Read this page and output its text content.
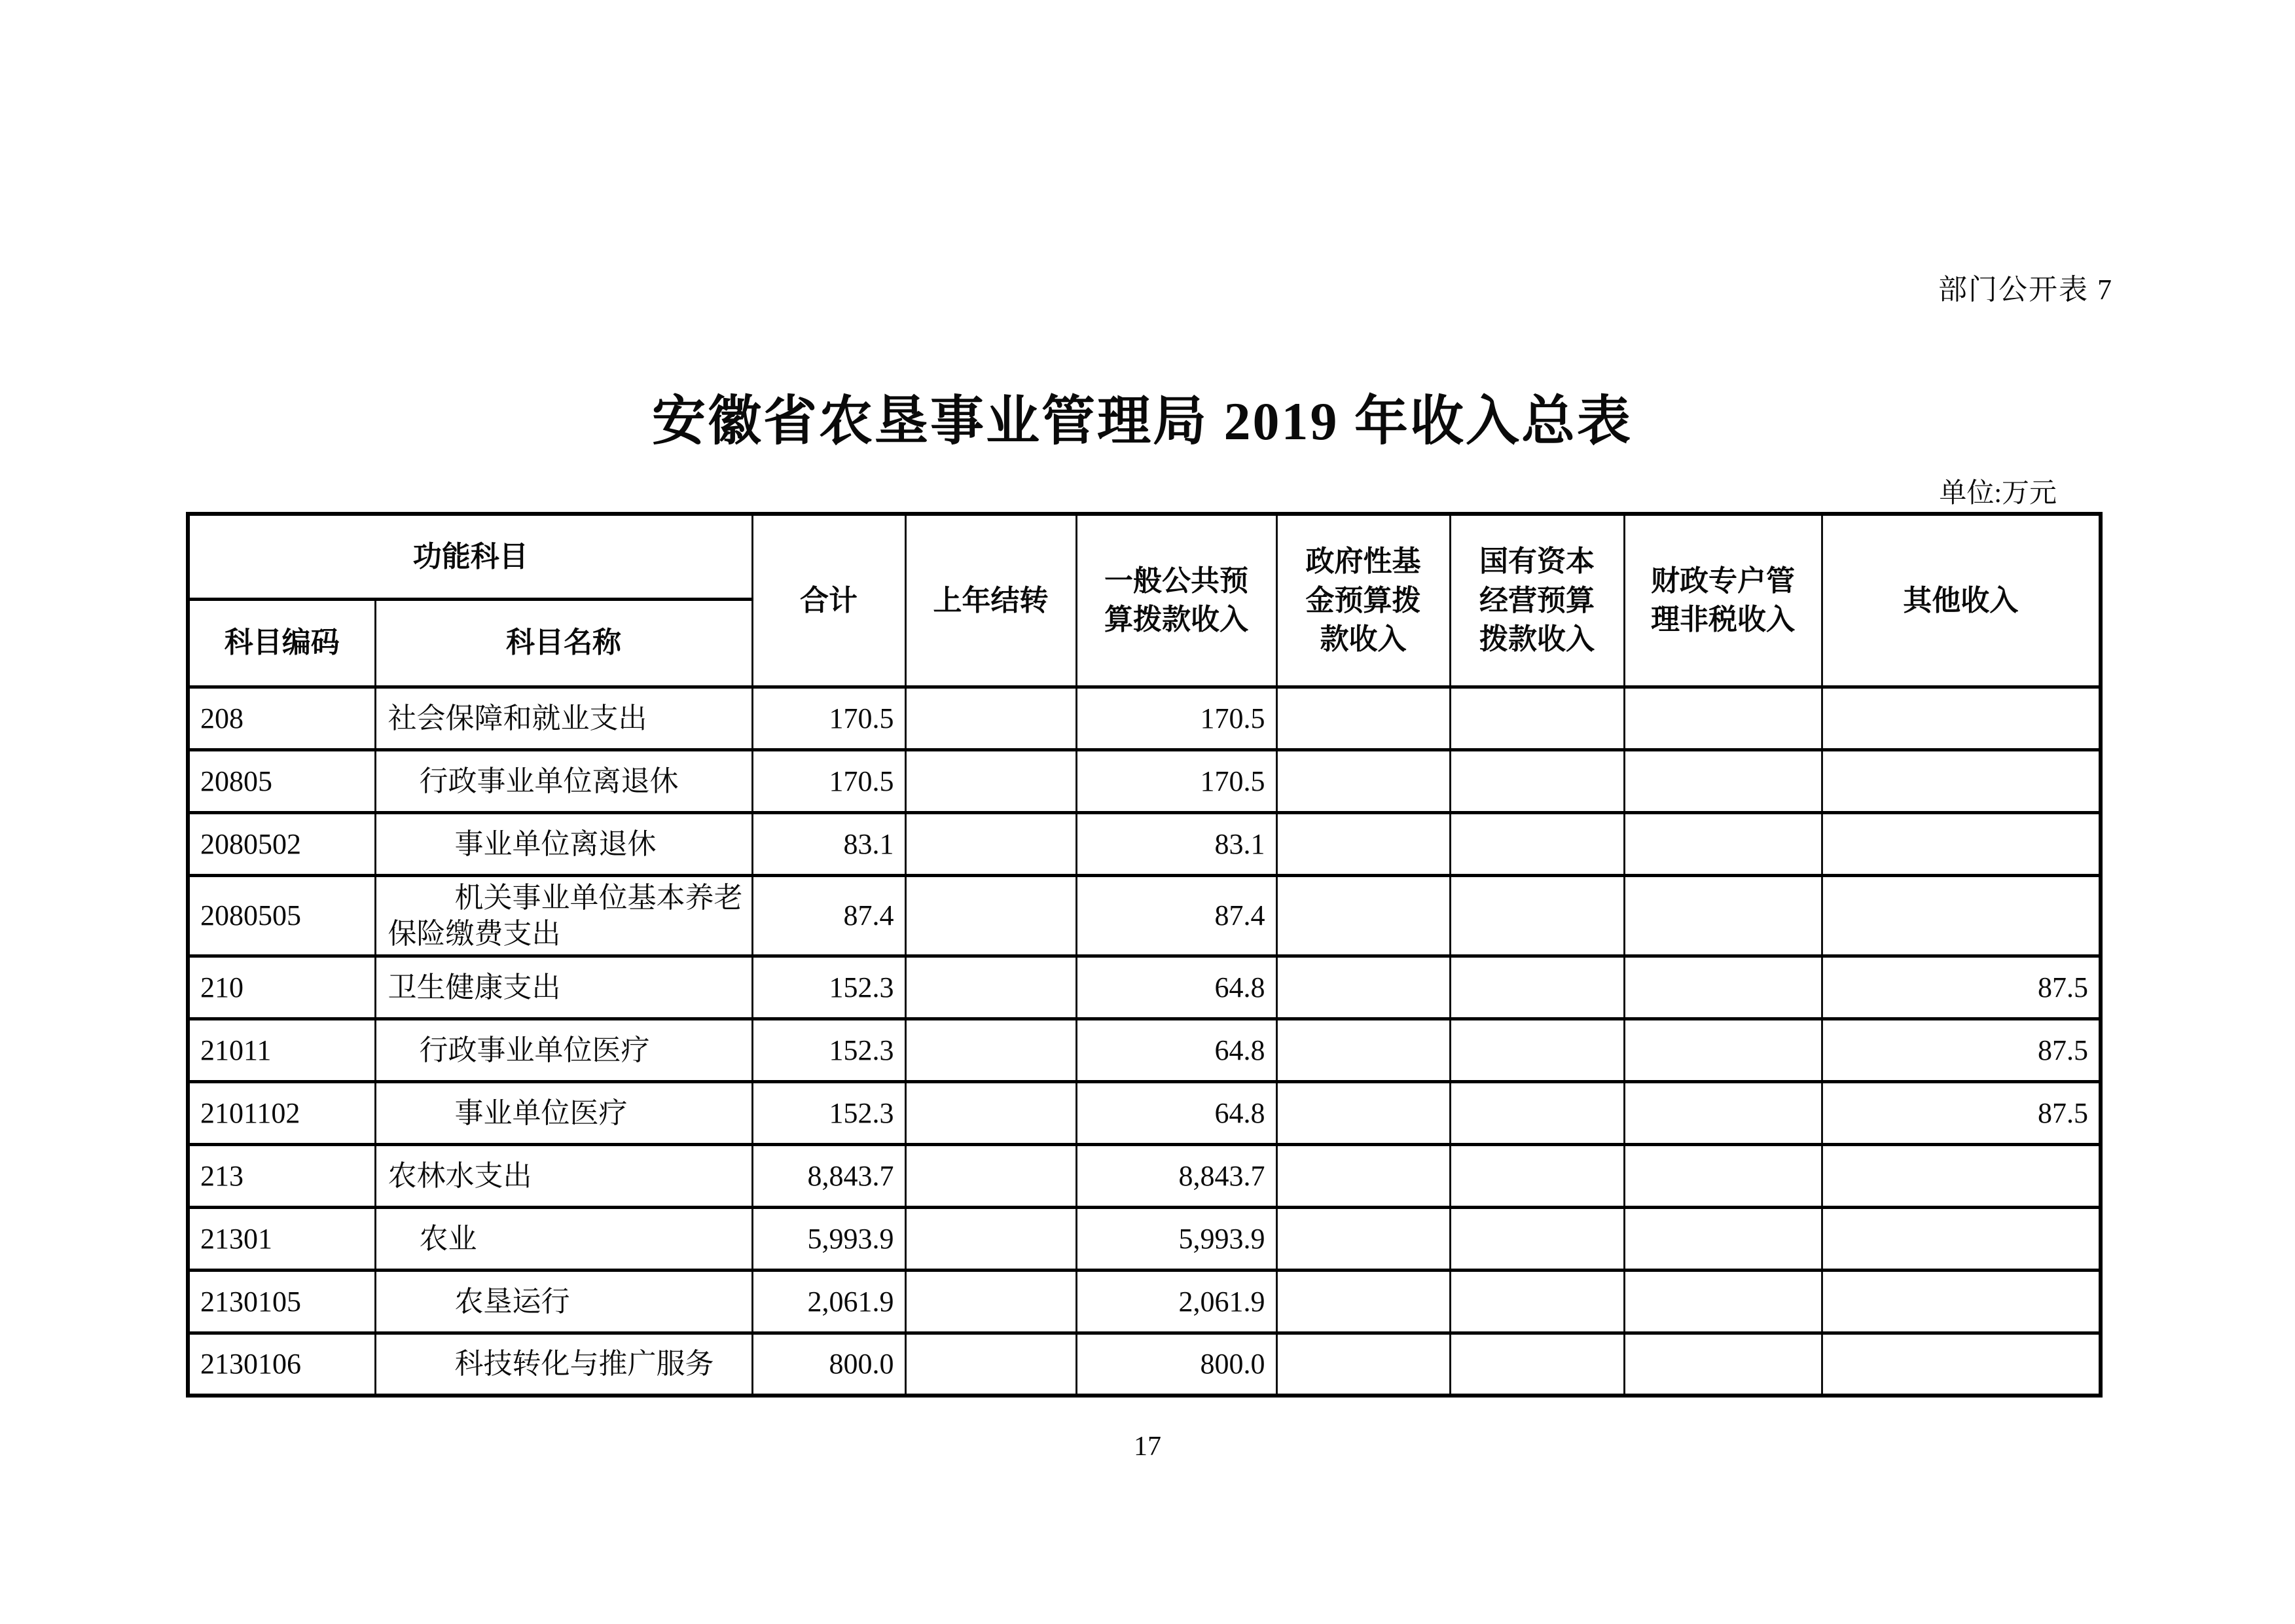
部门公开表 7
安徽省农垦事业管理局 2019 年收入总表
单位:万元
功能科目		合计	上年结转	一般公共预算拨款收入	政府性基金预算拨款收入	国有资本经营预算拨款收入	财政专户管理非税收入	其他收入
科目编码	科目名称							
208	社会保障和就业支出	170.5		170.5				
20805	行政事业单位离退休	170.5		170.5				
2080502	事业单位离退休	83.1		83.1				
2080505	机关事业单位基本养老保险缴费支出	87.4		87.4				
210	卫生健康支出	152.3		64.8				87.5
21011	行政事业单位医疗	152.3		64.8				87.5
2101102	事业单位医疗	152.3		64.8				87.5
213	农林水支出	8,843.7		8,843.7				
21301	农业	5,993.9		5,993.9				
2130105	农垦运行	2,061.9		2,061.9				
2130106	科技转化与推广服务	800.0		800.0				
17
